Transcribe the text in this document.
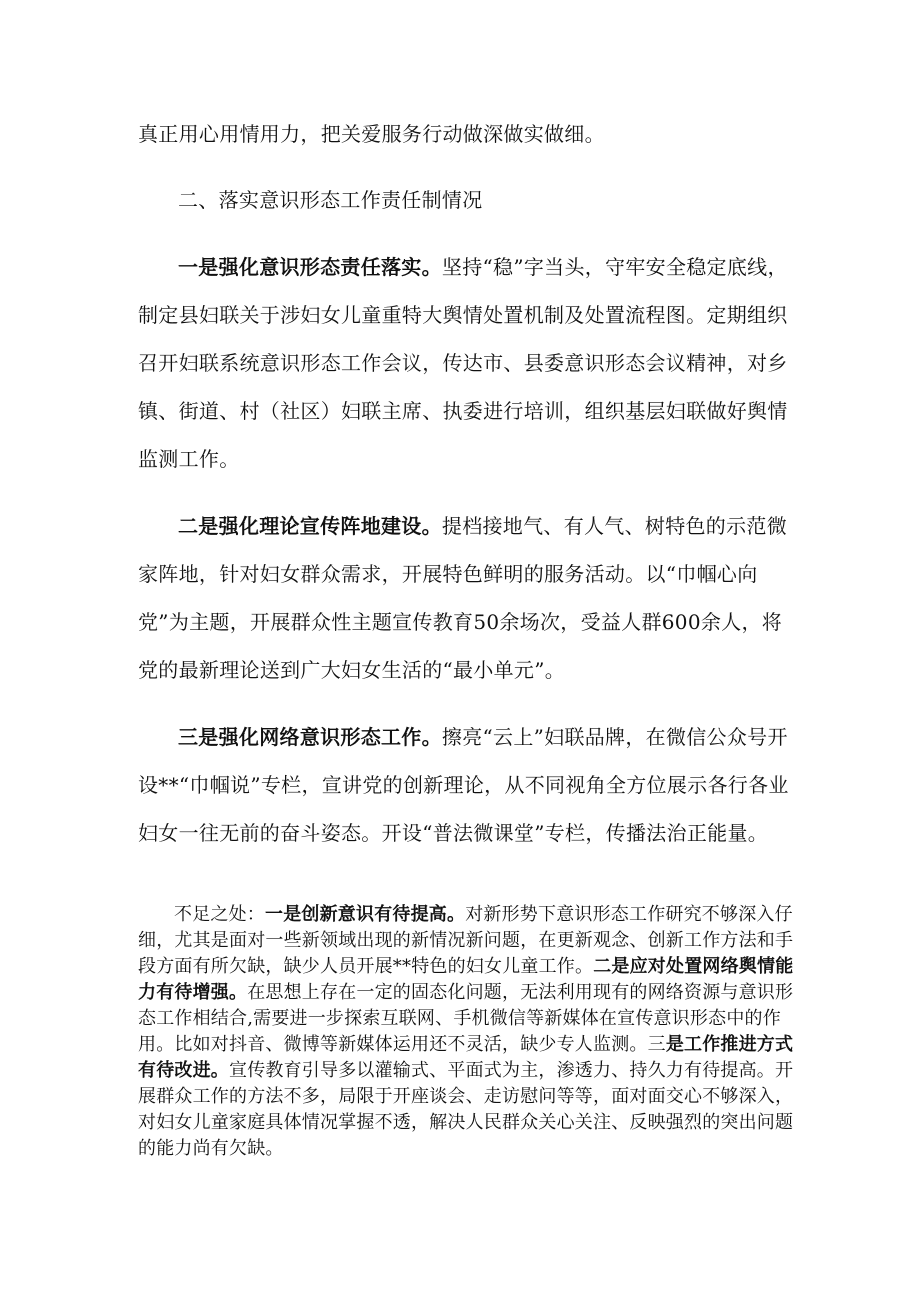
真正用心用情用力，把关爱服务行动做深做实做细。

二、落实意识形态工作责任制情况

一是强化意识形态责任落实。坚持“稳”字当头，守牢安全稳定底线，制定县妇联关于涉妇女儿童重特大舆情处置机制及处置流程图。定期组织召开妇联系统意识形态工作会议，传达市、县委意识形态会议精神，对乡镇、街道、村（社区）妇联主席、执委进行培训，组织基层妇联做好舆情监测工作。

二是强化理论宣传阵地建设。提档接地气、有人气、树特色的示范微家阵地，针对妇女群众需求，开展特色鲜明的服务活动。以“巾帼心向党”为主题，开展群众性主题宣传教育50余场次，受益人群600余人，将党的最新理论送到广大妇女生活的“最小单元”。

三是强化网络意识形态工作。擦亮“云上”妇联品牌，在微信公众号开设**“巾帼说”专栏，宣讲党的创新理论，从不同视角全方位展示各行各业妇女一往无前的奋斗姿态。开设“普法微课堂”专栏，传播法治正能量。

不足之处：一是创新意识有待提高。对新形势下意识形态工作研究不够深入仔细，尤其是面对一些新领域出现的新情况新问题，在更新观念、创新工作方法和手段方面有所欠缺，缺少人员开展**特色的妇女儿童工作。二是应对处置网络舆情能力有待增强。在思想上存在一定的固态化问题，无法利用现有的网络资源与意识形态工作相结合,需要进一步探索互联网、手机微信等新媒体在宣传意识形态中的作用。比如对抖音、微博等新媒体运用还不灵活，缺少专人监测。三是工作推进方式有待改进。宣传教育引导多以灌输式、平面式为主，渗透力、持久力有待提高。开展群众工作的方法不多，局限于开座谈会、走访慰问等等，面对面交心不够深入，对妇女儿童家庭具体情况掌握不透，解决人民群众关心关注、反映强烈的突出问题的能力尚有欠缺。
